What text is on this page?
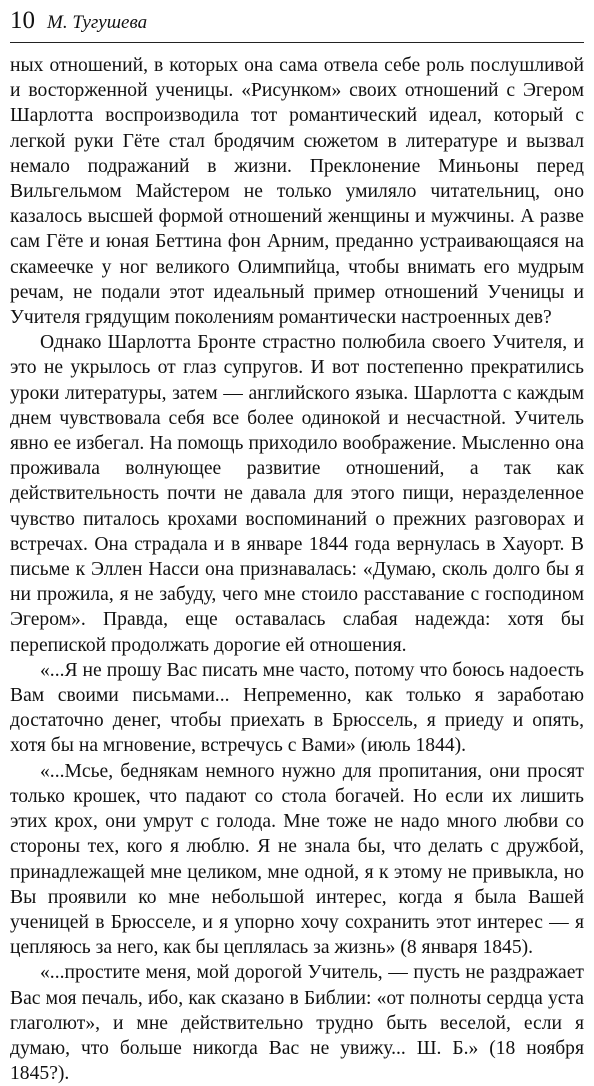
10 М. Тугушева

ных отношений, в которых она сама отвела себе роль послушливой и восторженной ученицы. «Рисунком» своих отношений с Эгером Шарлотта воспроизводила тот романтический идеал, который с легкой руки Гёте стал бродячим сюжетом в литературе и вызвал немало подражаний в жизни. Преклонение Миньоны перед Вильгельмом Майстером не только умиляло читательниц, оно казалось высшей формой отношений женщины и мужчины. А разве сам Гёте и юная Беттина фон Арним, преданно устраивающаяся на скамеечке у ног великого Олимпийца, чтобы внимать его мудрым речам, не подали этот идеальный пример отношений Ученицы и Учителя грядущим поколениям романтически настроенных дев?

Однако Шарлотта Бронте страстно полюбила своего Учителя, и это не укрылось от глаз супругов. И вот постепенно прекратились уроки литературы, затем — английского языка. Шарлотта с каждым днем чувствовала себя все более одинокой и несчастной. Учитель явно ее избегал. На помощь приходило воображение. Мысленно она проживала волнующее развитие отношений, а так как действительность почти не давала для этого пищи, неразделенное чувство питалось крохами воспоминаний о прежних разговорах и встречах. Она страдала и в январе 1844 года вернулась в Хауорт. В письме к Эллен Насси она признавалась: «Думаю, сколь долго бы я ни прожила, я не забуду, чего мне стоило расставание с господином Эгером». Правда, еще оставалась слабая надежда: хотя бы перепиской продолжать дорогие ей отношения.

«...Я не прошу Вас писать мне часто, потому что боюсь надоесть Вам своими письмами... Непременно, как только я заработаю достаточно денег, чтобы приехать в Брюссель, я приеду и опять, хотя бы на мгновение, встречусь с Вами» (июль 1844).

«...Мсье, беднякам немного нужно для пропитания, они просят только крошек, что падают со стола богачей. Но если их лишить этих крох, они умрут с голода. Мне тоже не надо много любви со стороны тех, кого я люблю. Я не знала бы, что делать с дружбой, принадлежащей мне целиком, мне одной, я к этому не привыкла, но Вы проявили ко мне небольшой интерес, когда я была Вашей ученицей в Брюсселе, и я упорно хочу сохранить этот интерес — я цепляюсь за него, как бы цеплялась за жизнь» (8 января 1845).

«...простите меня, мой дорогой Учитель, — пусть не раздражает Вас моя печаль, ибо, как сказано в Библии: «от полноты сердца уста глаголют», и мне действительно трудно быть веселой, если я думаю, что больше никогда Вас не увижу... Ш. Б.» (18 ноября 1845?).
